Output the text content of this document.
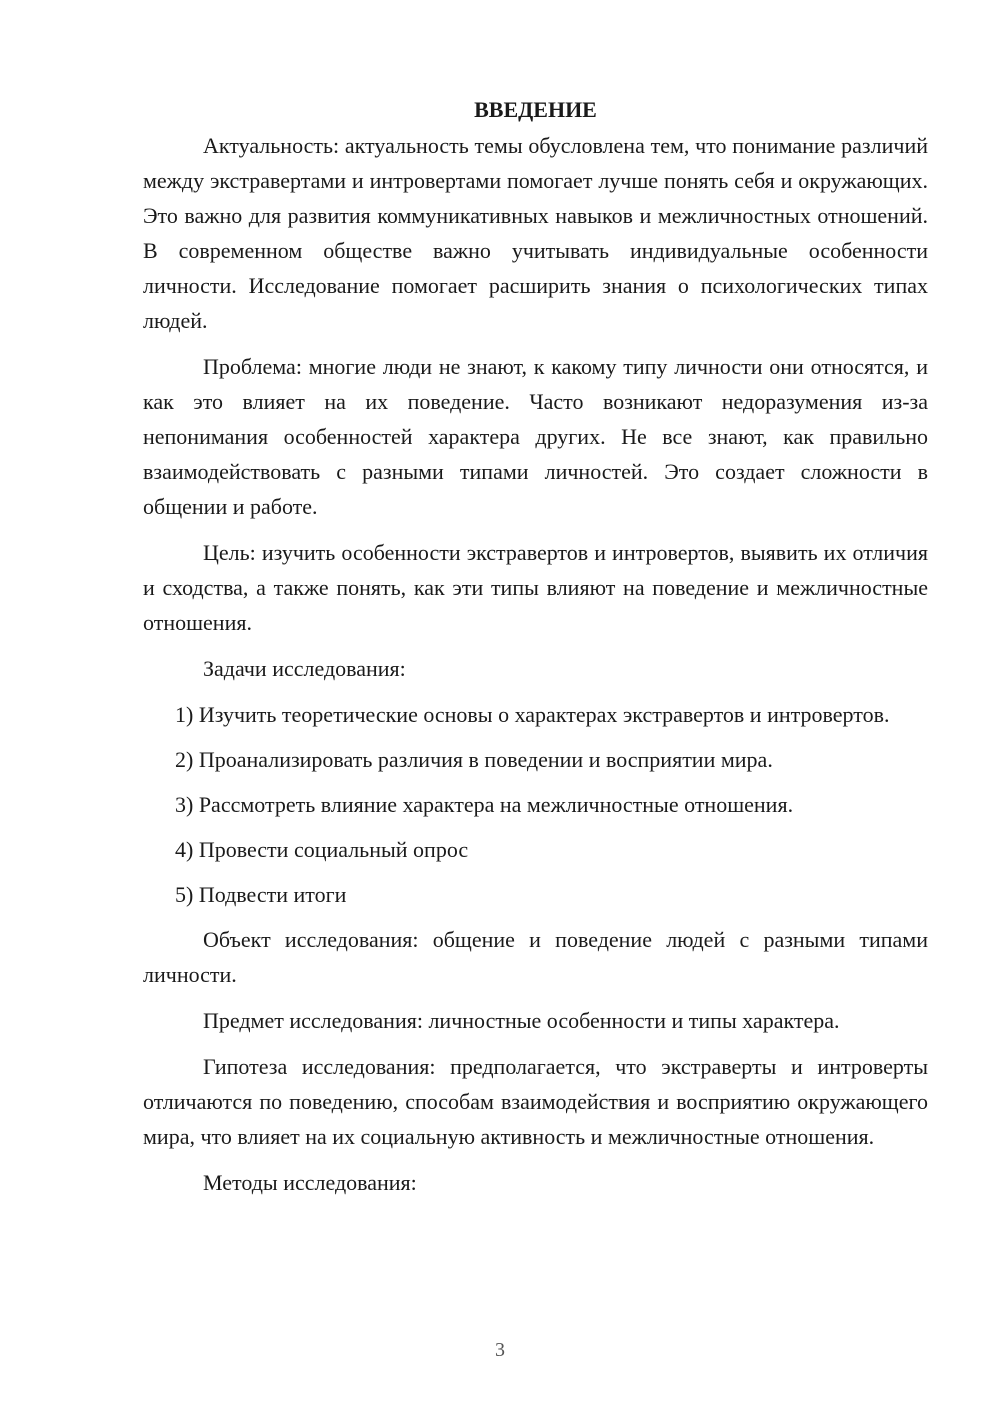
ВВЕДЕНИЕ

Актуальность: актуальность темы обусловлена тем, что понимание различий между экстравертами и интровертами помогает лучше понять себя и окружающих. Это важно для развития коммуникативных навыков и межличностных отношений. В современном обществе важно учитывать индивидуальные особенности личности. Исследование помогает расширить знания о психологических типах людей.

Проблема: многие люди не знают, к какому типу личности они относятся, и как это влияет на их поведение. Часто возникают недоразумения из-за непонимания особенностей характера других. Не все знают, как правильно взаимодействовать с разными типами личностей. Это создает сложности в общении и работе.

Цель: изучить особенности экстравертов и интровертов, выявить их отличия и сходства, а также понять, как эти типы влияют на поведение и межличностные отношения.

Задачи исследования:

1) Изучить теоретические основы о характерах экстравертов и интровертов.

2) Проанализировать различия в поведении и восприятии мира.

3) Рассмотреть влияние характера на межличностные отношения.

4) Провести социальный опрос

5) Подвести итоги

Объект исследования: общение и поведение людей с разными типами личности.

Предмет исследования: личностные особенности и типы характера.

Гипотеза исследования: предполагается, что экстраверты и интроверты отличаются по поведению, способам взаимодействия и восприятию окружающего мира, что влияет на их социальную активность и межличностные отношения.

Методы исследования:

3
